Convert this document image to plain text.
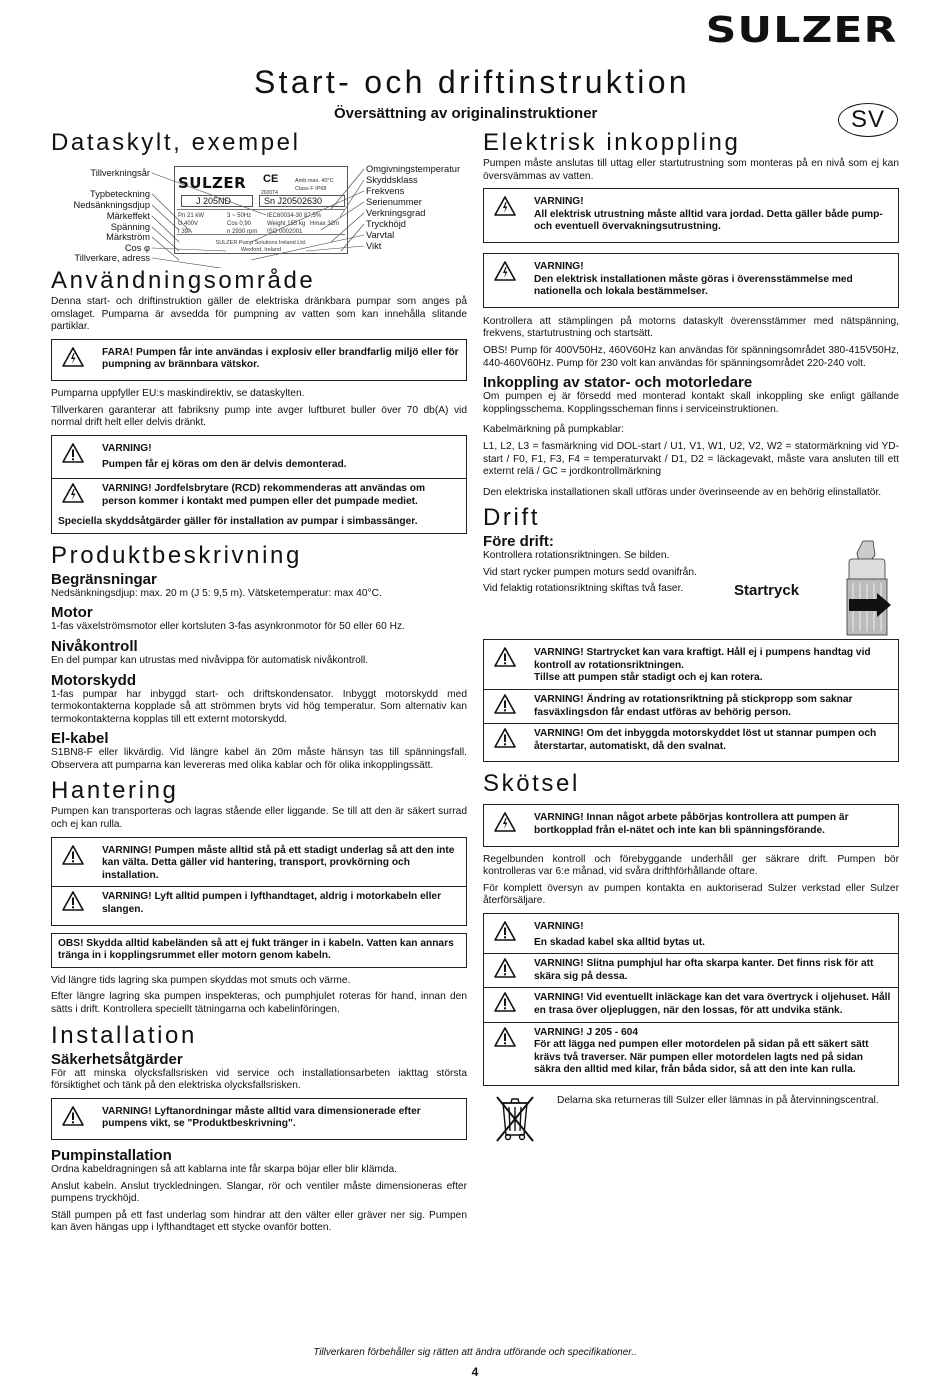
SULZER
Start- och driftinstruktion
Översättning av originalinstruktioner	SV
Dataskylt, exempel
Tillverkningsår
Typbeteckning
Nedsänkningsdjup
Märkeffekt
Spänning
Märkström
Cos φ
Tillverkare, adress
Omgivningstemperatur
Skyddsklass
Frekvens
Serienummer
Verkningsgrad
Tryckhöjd
Varvtal
Vikt
SULZER CE
2020T4
Amb.max. 40°C
Class F IP68
J 205ND	Sn J20502630
Pn 21 kW	3 ~ 50Hz	IEC60034-30 87,5%
U 400V	Cos 0,90	Weight 155 kg Hmax 32m
I 39A	n 2930 rpm ISO 0002001
SULZER Pump Solutions Ireland Ltd.
Wexford, Ireland
Användningsområde

Denna start- och driftinstruktion gäller de elektriska dränkbara pumpar som anges på omslaget. Pumparna är avsedda för pumpning av vatten som kan innehålla slitande partiklar.

FARA! Pumpen får inte användas i explosiv eller brandfarlig miljö eller för pumpning av brännbara vätskor.

Pumparna uppfyller EU:s maskindirektiv, se dataskylten.

Tillverkaren garanterar att fabriksny pump inte avger luftburet buller över 70 db(A) vid normal drift helt eller delvis dränkt.

VARNING!
Pumpen får ej köras om den är delvis demonterad.
VARNING! Jordfelsbrytare (RCD) rekommenderas att användas om person kommer i kontakt med pumpen eller det pumpade mediet.
Speciella skyddsåtgärder gäller för installation av pumpar i simbassänger.
Produktbeskrivning
Begränsningar

Nedsänkningsdjup: max. 20 m (J 5: 9,5 m). Vätsketemperatur: max 40°C.

Motor

1-fas växelströmsmotor eller kortsluten 3-fas asynkronmotor för 50 eller 60 Hz.

Nivåkontroll

En del pumpar kan utrustas med nivåvippa för automatisk nivåkontroll.

Motorskydd

1-fas pumpar har inbyggd start- och driftskondensator. Inbyggt motorskydd med termokontakterna kopplade så att strömmen bryts vid hög temperatur. Som alternativ kan termokontakterna kopplas till ett externt motorskydd.

El-kabel

S1BN8-F eller likvärdig. Vid längre kabel än 20m måste hänsyn tas till spänningsfall. Observera att pumparna kan levereras med olika kablar och för olika inkopplingssätt.

Hantering

Pumpen kan transporteras och lagras stående eller liggande. Se till att den är säkert surrad och ej kan rulla.

VARNING! Pumpen måste alltid stå på ett stadigt underlag så att den inte kan välta. Detta gäller vid hantering, transport, provkörning och installation.
VARNING! Lyft alltid pumpen i lyfthandtaget, aldrig i motorkabeln eller slangen.
OBS! Skydda alltid kabeländen så att ej fukt tränger in i kabeln. Vatten kan annars tränga in i kopplingsrummet eller motorn genom kabeln.

Vid längre tids lagring ska pumpen skyddas mot smuts och värme.

Efter längre lagring ska pumpen inspekteras, och pumphjulet roteras för hand, innan den sätts i drift. Kontrollera speciellt tätningarna och kabelinföringen.

Installation
Säkerhetsåtgärder

För att minska olycksfallsrisken vid service och installationsarbeten iakttag största försiktighet och tänk på den elektriska olycksfallsrisken.

VARNING! Lyftanordningar måste alltid vara dimensionerade efter pumpens vikt, se "Produktbeskrivning".
Pumpinstallation

Ordna kabeldragningen så att kablarna inte får skarpa böjar eller blir klämda.

Anslut kabeln. Anslut tryckledningen. Slangar, rör och ventiler måste dimensioneras efter pumpens tryckhöjd.

Ställ pumpen på ett fast underlag som hindrar att den välter eller gräver ner sig. Pumpen kan även hängas upp i lyfthandtaget ett stycke ovanför botten.

Elektrisk inkoppling

Pumpen måste anslutas till uttag eller startutrustning som monteras på en nivå som ej kan översvämmas av vatten.

VARNING!
All elektrisk utrustning måste alltid vara jordad. Detta gäller både pump- och eventuell övervakningsutrustning.
VARNING!
Den elektrisk installationen måste göras i överensstämmelse med nationella och lokala bestämmelser.

Kontrollera att stämplingen på motorns dataskylt överensstämmer med nätspänning, frekvens, startutrustning och startsätt.

OBS! Pump för 400V50Hz, 460V60Hz kan användas för spänningsområdet 380-415V50Hz, 440-460V60Hz. Pump för 230 volt kan användas för spänningsområdet 220-240 volt.

Inkoppling av stator- och motorledare

Om pumpen ej är försedd med monterad kontakt skall inkoppling ske enligt gällande kopplingsschema. Kopplingsscheman finns i serviceinstruktionen.

Kabelmärkning på pumpkablar:

L1, L2, L3 = fasmärkning vid DOL-start / U1, V1, W1, U2, V2, W2 = statormärkning vid YD- start / F0, F1, F3, F4 = temperaturvakt / D1, D2 = läckagevakt, måste vara ansluten till ett externt relä / GC = jordkontrollmärkning

Den elektriska installationen skall utföras under överinseende av en behörig elinstallatör.

Drift
Före drift:

Kontrollera rotationsriktningen. Se bilden.

Vid start rycker pumpen moturs sedd ovanifrån.

Vid felaktig rotationsriktning skiftas två faser.	Startryck
VARNING! Startrycket kan vara kraftigt. Håll ej i pumpens handtag vid kontroll av rotationsriktningen.
Tillse att pumpen står stadigt och ej kan rotera.
VARNING! Ändring av rotationsriktning på stickpropp som saknar fasväxlingsdon får endast utföras av behörig person.
VARNING! Om det inbyggda motorskyddet löst ut stannar pumpen och återstartar, automatiskt, då den svalnat.
Skötsel
VARNING! Innan något arbete påbörjas kontrollera att pumpen är bortkopplad från el-nätet och inte kan bli spänningsförande.

Regelbunden kontroll och förebyggande underhåll ger säkrare drift. Pumpen bör kontrolleras var 6:e månad, vid svåra drifthförhållande oftare.

För komplett översyn av pumpen kontakta en auktoriserad Sulzer verkstad eller Sulzer återförsäljare.

VARNING!
En skadad kabel ska alltid bytas ut.
VARNING! Slitna pumphjul har ofta skarpa kanter. Det finns risk för att skära sig på dessa.
VARNING! Vid eventuellt inläckage kan det vara övertryck i oljehuset. Håll en trasa över oljepluggen, när den lossas, för att undvika stänk.
VARNING! J 205 - 604
För att lägga ned pumpen eller motordelen på sidan på ett säkert sätt krävs två traverser. När pumpen eller motordelen lagts ned på sidan säkra den alltid med kilar, från båda sidor, så att den inte kan rulla.
Delarna ska returneras till Sulzer eller lämnas in på återvinningscentral.
Tillverkaren förbehåller sig rätten att ändra utförande och specifikationer..
4
